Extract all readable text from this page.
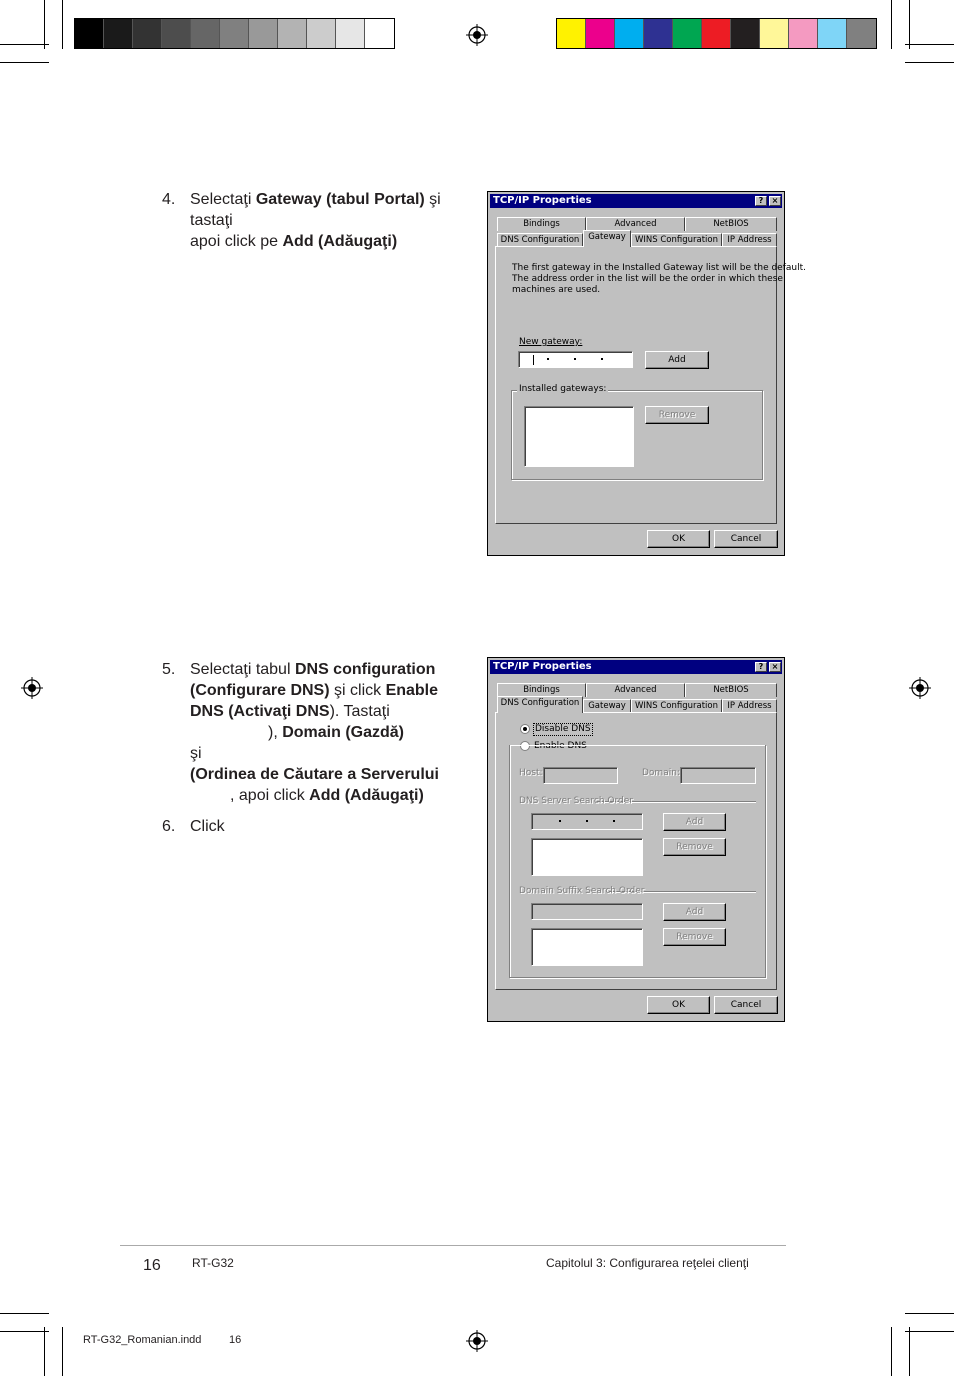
4. Selectaţi Gateway (tabul Portal) şi tastaţi
apoi click pe Add (Adăugaţi)
TCP/IP Properties	?	×
Bindings	Advanced	NetBIOS
DNS Configuration	Gateway	WINS Configuration	IP Address
The first gateway in the Installed Gateway list will be the default.
The address order in the list will be the order in which these
machines are used.
New gateway:
Add
Installed gateways:
Remove
OK	Cancel
5. Selectaţi tabul DNS configuration (Configurare DNS) şi click Enable DNS (Activaţi DNS). Tastaţi
), Domain (Gazdă)
şi
(Ordinea de Căutare a Serverului
, apoi click Add (Adăugaţi)
6. Click
TCP/IP Properties	?	×
Bindings	Advanced	NetBIOS
DNS Configuration	Gateway	WINS Configuration	IP Address
Disable DNS
Enable DNS
Host:	Domain:
DNS Server Search Order
Add
Remove
Domain Suffix Search Order
Add
Remove
OK	Cancel
16	RT-G32	Capitolul 3: Configurarea reţelei clienţi
RT-G32_Romanian.indd	16
